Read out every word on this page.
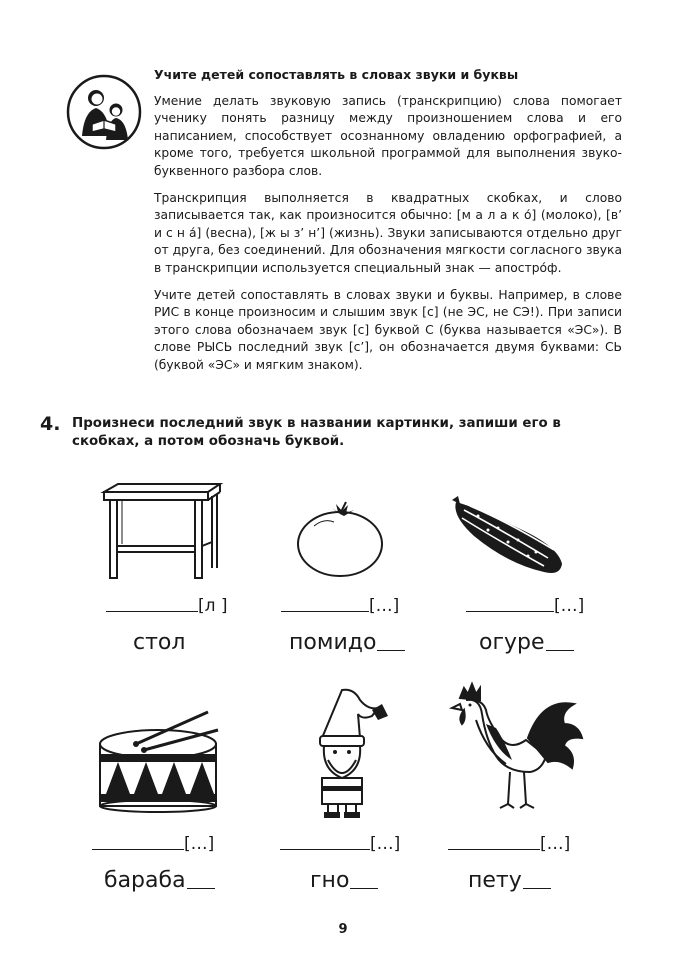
Учите детей сопоставлять в словах звуки и буквы

Умение делать звуковую запись (транскрипцию) слова помогает ученику понять разницу между произношением слова и его написанием, способствует осознанному овладению орфографией, а кроме того, требуется школьной программой для выполнения звуко-буквенного разбора слов.

Транскрипция выполняется в квадратных скобках, и слово записывается так, как произносится обычно: [м а л а к о́] (молоко), [в’ и с н а́] (весна), [ж ы з’ н’] (жизнь). Звуки записываются отдельно друг от друга, без соединений. Для обозначения мягкости согласного звука в транскрипции используется специальный знак — апостро́ф.

Учите детей сопоставлять в словах звуки и буквы. Например, в слове РИС в конце произносим и слышим звук [с] (не ЭС, не СЭ!). При записи этого слова обозначаем звук [с] буквой С (буква называется «ЭС»). В слове РЫСЬ последний звук [с’], он обозначается двумя буквами: СЬ (буквой «ЭС» и мягким знаком).

4. Произнеси последний звук в названии картинки, запиши его в скобках, а потом обозначь буквой.
[л ]
стол
[…]
помидо
[…]
огуре
[…]
бараба
[…]
гно
[…]
пету
9
